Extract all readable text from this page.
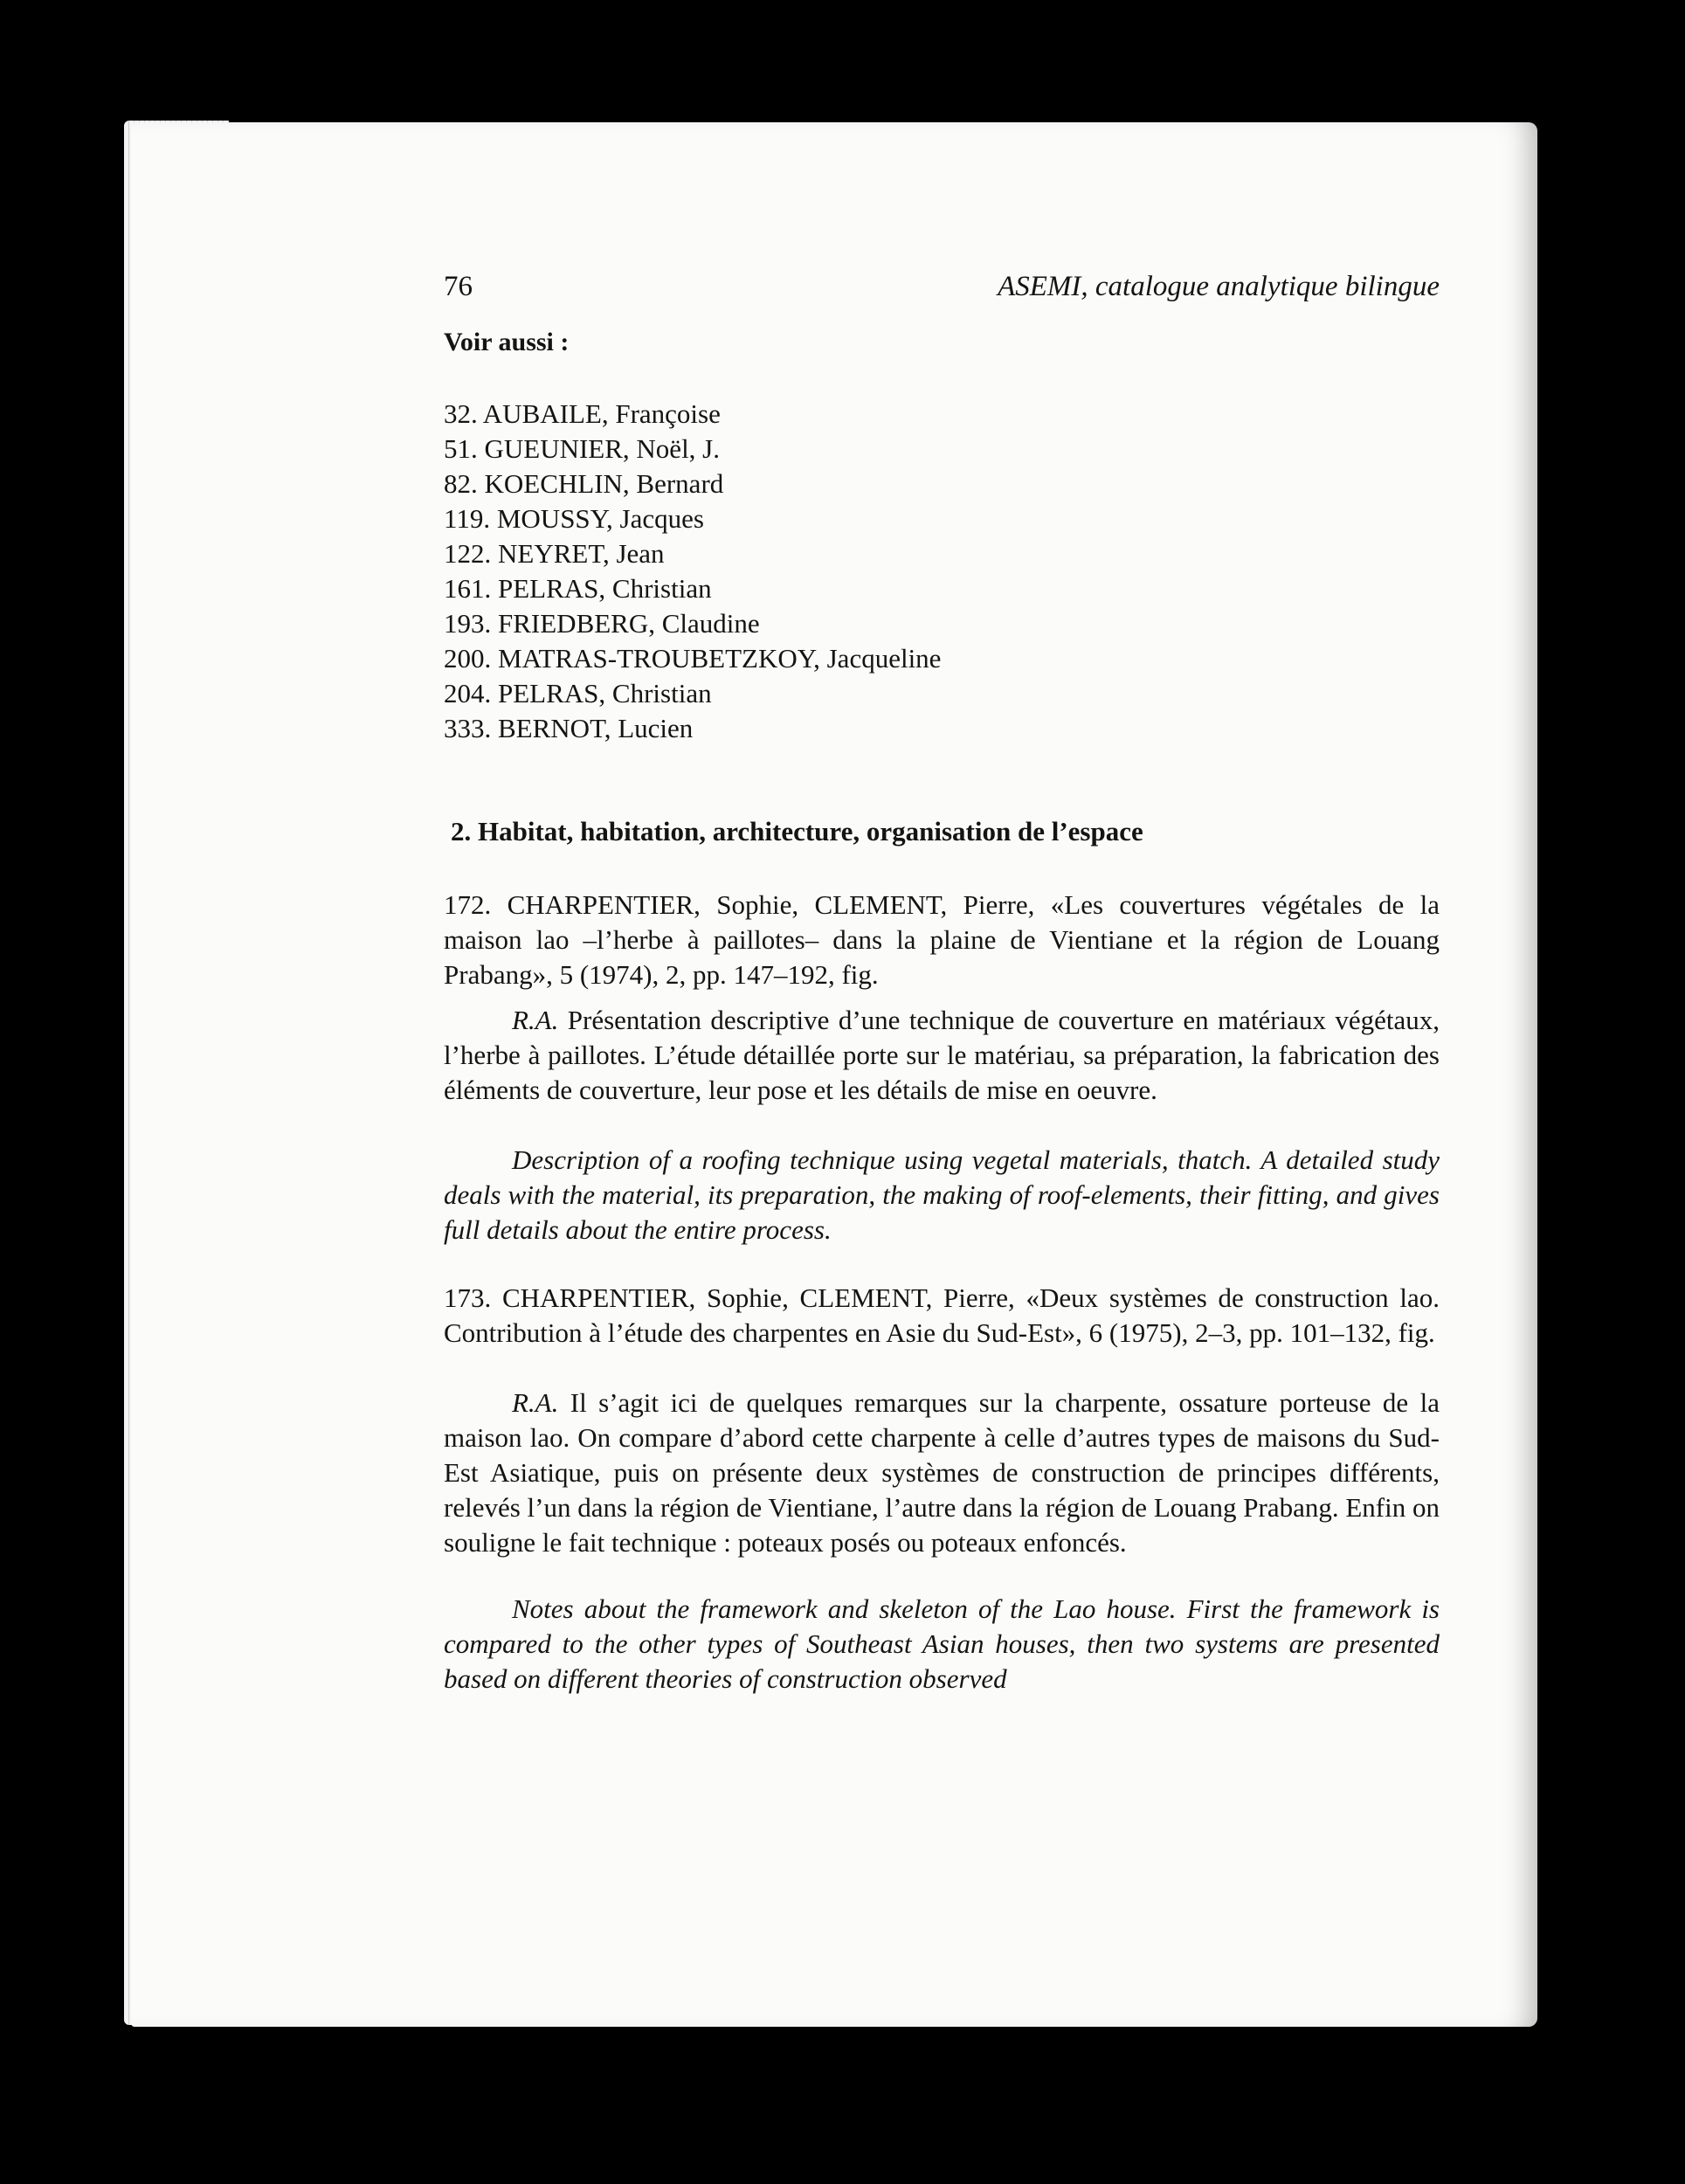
76	ASEMI, catalogue analytique bilingue
Voir aussi :
32. AUBAILE, Françoise
51. GUEUNIER, Noël, J.
82. KOECHLIN, Bernard
119. MOUSSY, Jacques
122. NEYRET, Jean
161. PELRAS, Christian
193. FRIEDBERG, Claudine
200. MATRAS-TROUBETZKOY, Jacqueline
204. PELRAS, Christian
333. BERNOT, Lucien
2. Habitat, habitation, architecture, organisation de l’espace

172. CHARPENTIER, Sophie, CLEMENT, Pierre, «Les couvertures végétales de la maison lao –l’herbe à paillotes– dans la plaine de Vientiane et la région de Louang Prabang», 5 (1974), 2, pp. 147–192, fig.

R.A. Présentation descriptive d’une technique de couverture en matériaux végétaux, l’herbe à paillotes. L’étude détaillée porte sur le matériau, sa préparation, la fabrication des éléments de couverture, leur pose et les détails de mise en oeuvre.

Description of a roofing technique using vegetal materials, thatch. A detailed study deals with the material, its preparation, the making of roof-elements, their fitting, and gives full details about the entire process.

173. CHARPENTIER, Sophie, CLEMENT, Pierre, «Deux systèmes de construction lao. Contribution à l’étude des charpentes en Asie du Sud-Est», 6 (1975), 2–3, pp. 101–132, fig.

R.A. Il s’agit ici de quelques remarques sur la charpente, ossature porteuse de la maison lao. On compare d’abord cette charpente à celle d’autres types de maisons du Sud-Est Asiatique, puis on présente deux systèmes de construction de principes différents, relevés l’un dans la région de Vientiane, l’autre dans la région de Louang Prabang. Enfin on souligne le fait technique : poteaux posés ou poteaux enfoncés.

Notes about the framework and skeleton of the Lao house. First the framework is compared to the other types of Southeast Asian houses, then two systems are presented based on different theories of construction observed
